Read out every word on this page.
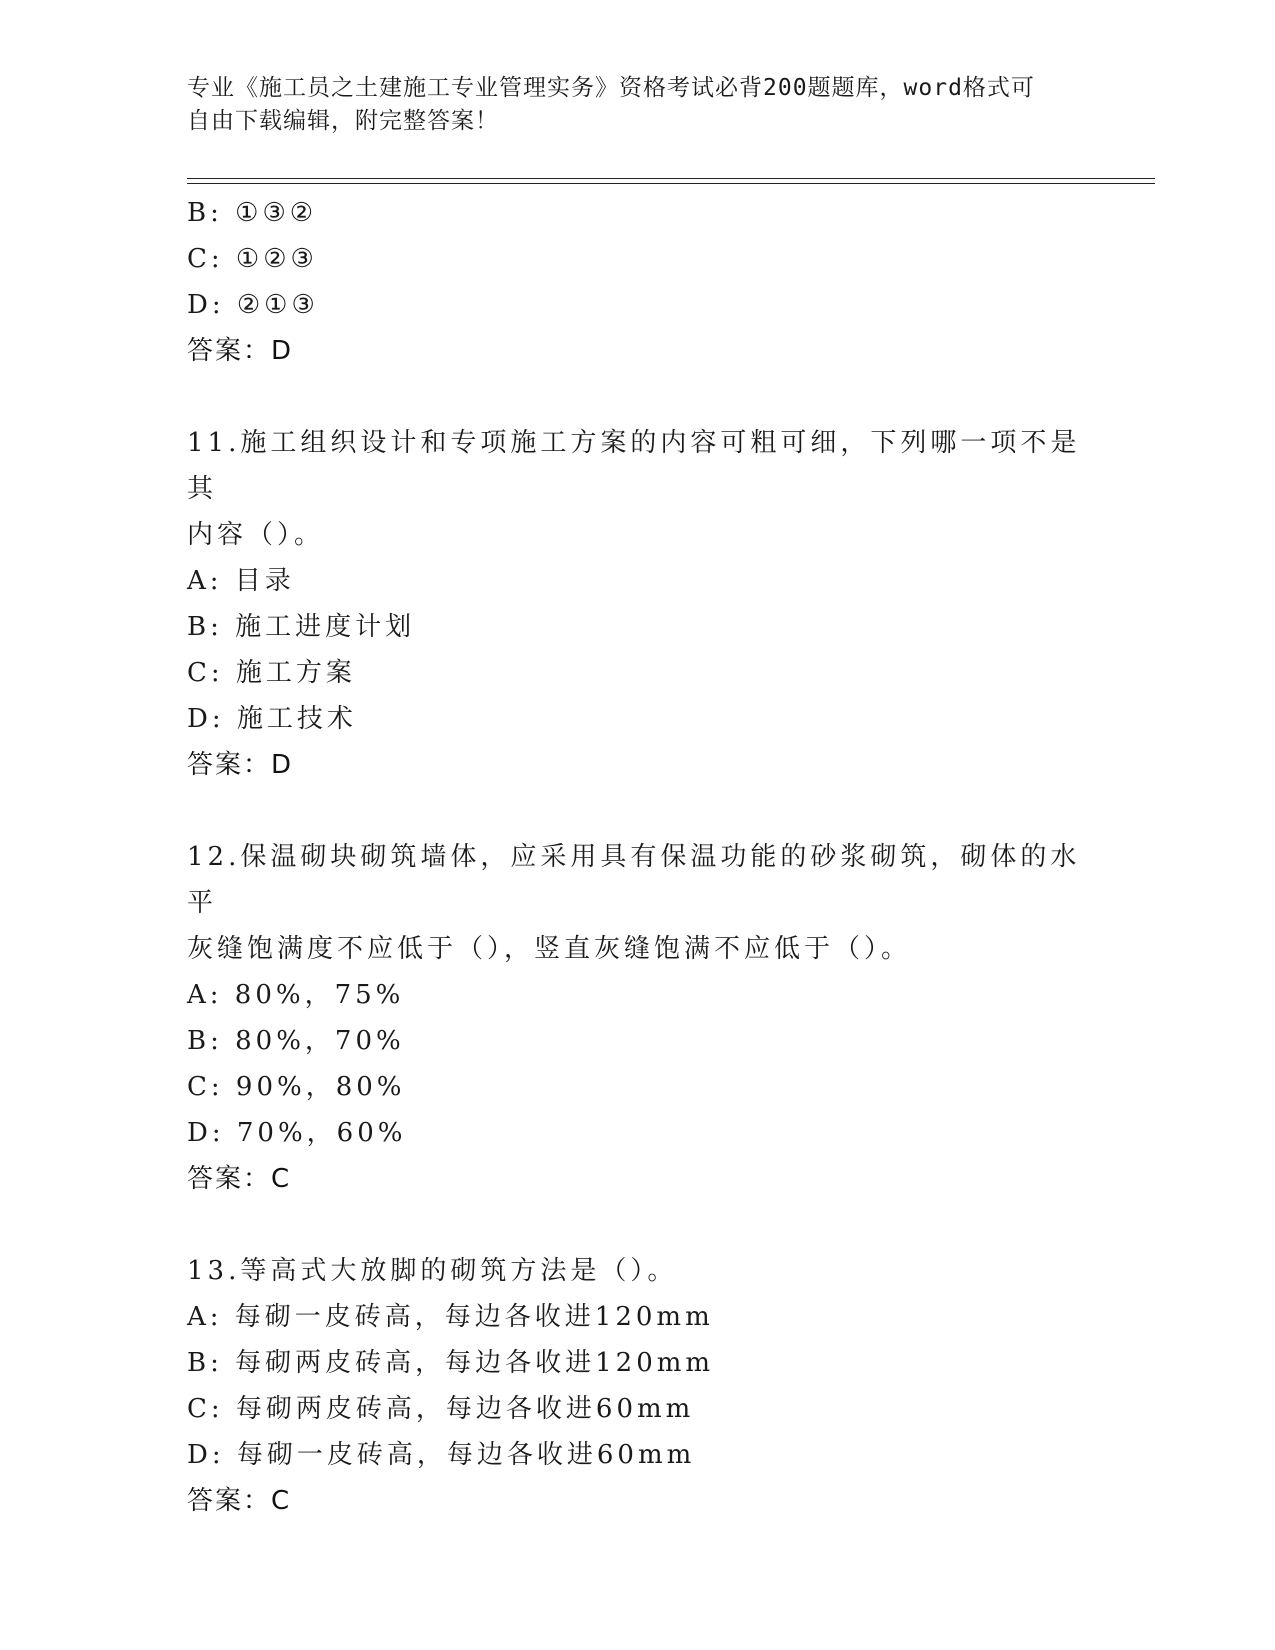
专业《施工员之土建施工专业管理实务》资格考试必背200题题库，word格式可
自由下载编辑，附完整答案！
B: ①③②
C: ①②③
D: ②①③
答案：D
11.施工组织设计和专项施工方案的内容可粗可细，下列哪一项不是其
内容（）。
A: 目录
B: 施工进度计划
C: 施工方案
D: 施工技术
答案：D
12.保温砌块砌筑墙体，应采用具有保温功能的砂浆砌筑，砌体的水平
灰缝饱满度不应低于（），竖直灰缝饱满不应低于（）。
A: 80%，75%
B: 80%，70%
C: 90%，80%
D: 70%，60%
答案：C
13.等高式大放脚的砌筑方法是（）。
A: 每砌一皮砖高，每边各收进120mm
B: 每砌两皮砖高，每边各收进120mm
C: 每砌两皮砖高，每边各收进60mm
D: 每砌一皮砖高，每边各收进60mm
答案：C
